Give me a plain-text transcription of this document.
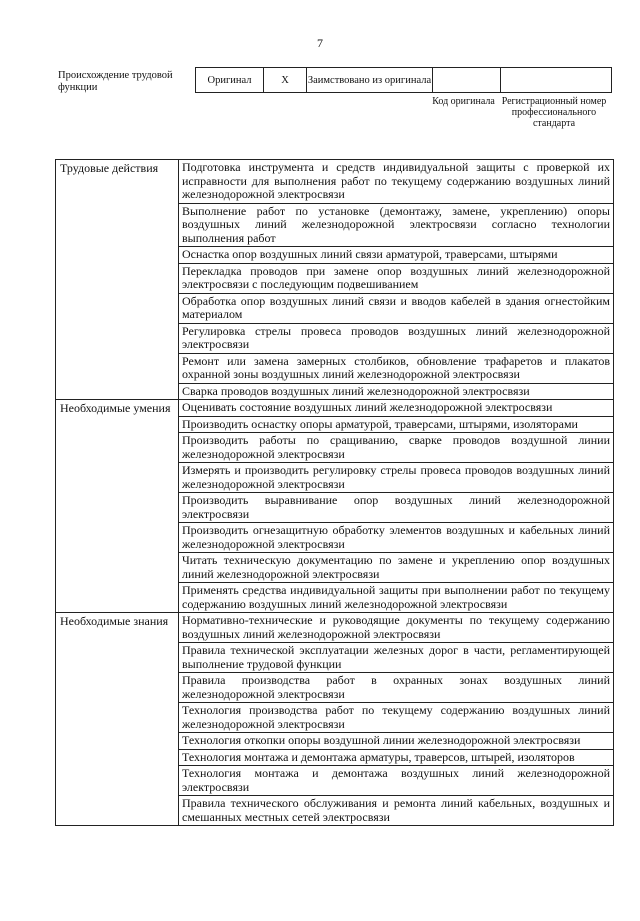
7
Происхождение трудовой функции
Оригинал	X	Заимствовано из оригинала		
Код оригинала Регистрационный номер профессионального стандарта
Трудовые действия	Подготовка инструмента и средств индивидуальной защиты с проверкой их исправности для выполнения работ по текущему содержанию воздушных линий железнодорожной электросвязи
	Выполнение работ по установке (демонтажу, замене, укреплению) опоры воздушных линий железнодорожной электросвязи согласно технологии выполнения работ
	Оснастка опор воздушных линий связи арматурой, траверсами, штырями
	Перекладка проводов при замене опор воздушных линий железнодорожной электросвязи с последующим подвешиванием
	Обработка опор воздушных линий связи и вводов кабелей в здания огнестойким материалом
	Регулировка стрелы провеса проводов воздушных линий железнодорожной электросвязи
	Ремонт или замена замерных столбиков, обновление трафаретов и плакатов охранной зоны воздушных линий железнодорожной электросвязи
	Сварка проводов воздушных линий железнодорожной электросвязи
Необходимые умения	Оценивать состояние воздушных линий железнодорожной электросвязи
	Производить оснастку опоры арматурой, траверсами, штырями, изоляторами
	Производить работы по сращиванию, сварке проводов воздушной линии железнодорожной электросвязи
	Измерять и производить регулировку стрелы провеса проводов воздушных линий железнодорожной электросвязи
	Производить выравнивание опор воздушных линий железнодорожной электросвязи
	Производить огнезащитную обработку элементов воздушных и кабельных линий железнодорожной электросвязи
	Читать техническую документацию по замене и укреплению опор воздушных линий железнодорожной электросвязи
	Применять средства индивидуальной защиты при выполнении работ по текущему содержанию воздушных линий железнодорожной электросвязи
Необходимые знания	Нормативно-технические и руководящие документы по текущему содержанию воздушных линий железнодорожной электросвязи
	Правила технической эксплуатации железных дорог в части, регламентирующей выполнение трудовой функции
	Правила производства работ в охранных зонах воздушных линий железнодорожной электросвязи
	Технология производства работ по текущему содержанию воздушных линий железнодорожной электросвязи
	Технология откопки опоры воздушной линии железнодорожной электросвязи
	Технология монтажа и демонтажа арматуры, траверсов, штырей, изоляторов
	Технология монтажа и демонтажа воздушных линий железнодорожной электросвязи
	Правила технического обслуживания и ремонта линий кабельных, воздушных и смешанных местных сетей электросвязи
